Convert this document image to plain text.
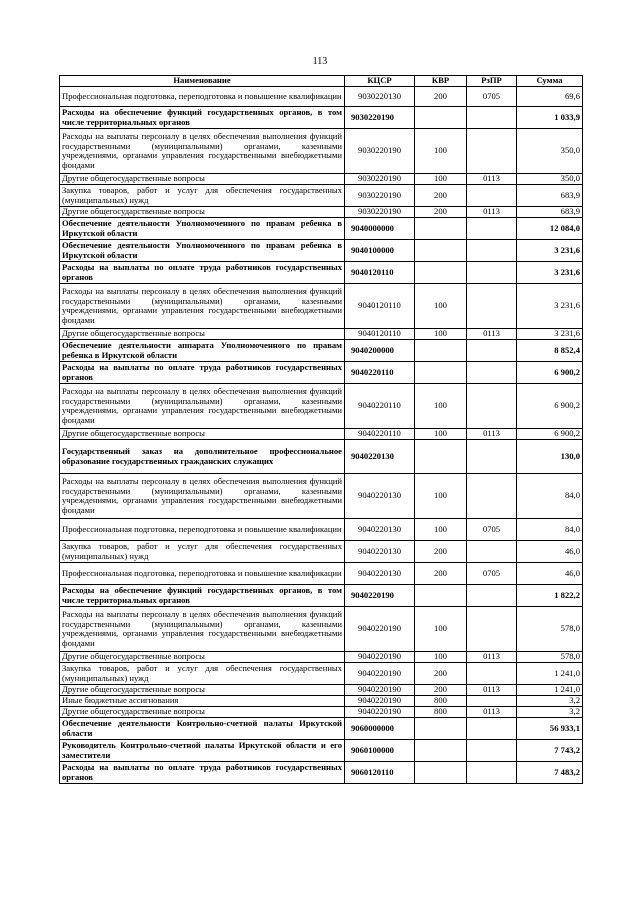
113
Наименование	КЦСР	КВР	РзПР	Сумма
Профессиональная подготовка, переподготовка и повышение квалификации	9030220130	200	0705	69,6
Расходы на обеспечение функций государственных органов, в том числе территориальных органов	9030220190			1 033,9
Расходы на выплаты персоналу в целях обеспечения выполнения функций государственными (муниципальными) органами, казенными учреждениями, органами управления государственными внебюджетными фондами	9030220190	100		350,0
Другие общегосударственные вопросы	9030220190	100	0113	350,0
Закупка товаров, работ и услуг для обеспечения государственных (муниципальных) нужд	9030220190	200		683,9
Другие общегосударственные вопросы	9030220190	200	0113	683,9
Обеспечение деятельности Уполномоченного по правам ребенка в Иркутской области	9040000000			12 084,0
Обеспечение деятельности Уполномоченного по правам ребенка в Иркутской области	9040100000			3 231,6
Расходы на выплаты по оплате труда работников государственных органов	9040120110			3 231,6
Расходы на выплаты персоналу в целях обеспечения выполнения функций государственными (муниципальными) органами, казенными учреждениями, органами управления государственными внебюджетными фондами	9040120110	100		3 231,6
Другие общегосударственные вопросы	9040120110	100	0113	3 231,6
Обеспечение деятельности аппарата Уполномоченного по правам ребенка в Иркутской области	9040200000			8 852,4
Расходы на выплаты по оплате труда работников государственных органов	9040220110			6 900,2
Расходы на выплаты персоналу в целях обеспечения выполнения функций государственными (муниципальными) органами, казенными учреждениями, органами управления государственными внебюджетными фондами	9040220110	100		6 900,2
Другие общегосударственные вопросы	9040220110	100	0113	6 900,2
Государственный заказ на дополнительное профессиональное образование государственных гражданских служащих	9040220130			130,0
Расходы на выплаты персоналу в целях обеспечения выполнения функций государственными (муниципальными) органами, казенными учреждениями, органами управления государственными внебюджетными фондами	9040220130	100		84,0
Профессиональная подготовка, переподготовка и повышение квалификации	9040220130	100	0705	84,0
Закупка товаров, работ и услуг для обеспечения государственных (муниципальных) нужд	9040220130	200		46,0
Профессиональная подготовка, переподготовка и повышение квалификации	9040220130	200	0705	46,0
Расходы на обеспечение функций государственных органов, в том числе территориальных органов	9040220190			1 822,2
Расходы на выплаты персоналу в целях обеспечения выполнения функций государственными (муниципальными) органами, казенными учреждениями, органами управления государственными внебюджетными фондами	9040220190	100		578,0
Другие общегосударственные вопросы	9040220190	100	0113	578,0
Закупка товаров, работ и услуг для обеспечения государственных (муниципальных) нужд	9040220190	200		1 241,0
Другие общегосударственные вопросы	9040220190	200	0113	1 241,0
Иные бюджетные ассигнования	9040220190	800		3,2
Другие общегосударственные вопросы	9040220190	800	0113	3,2
Обеспечение деятельности Контрольно-счетной палаты Иркутской области	9060000000			56 933,1
Руководитель Контрольно-счетной палаты Иркутской области и его заместители	9060100000			7 743,2
Расходы на выплаты по оплате труда работников государственных органов	9060120110			7 483,2
